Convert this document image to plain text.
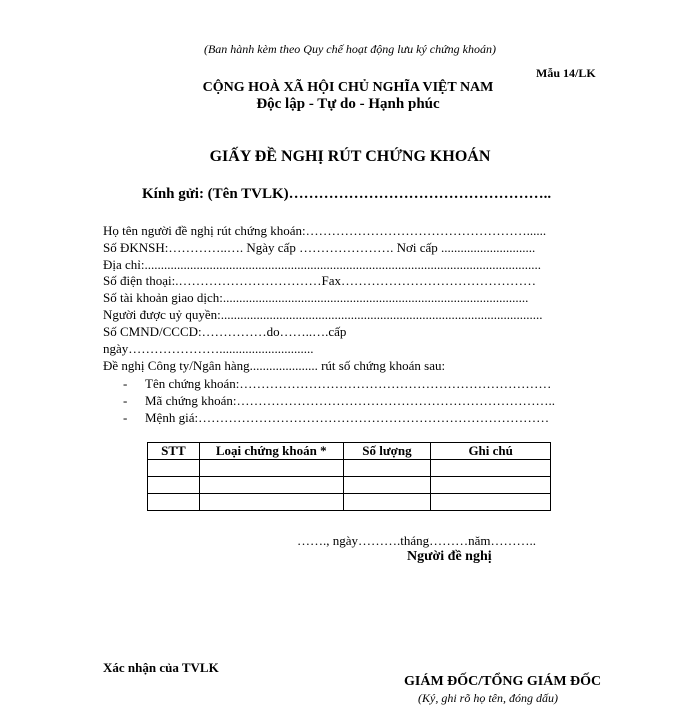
(Ban hành kèm theo Quy chế hoạt động lưu ký chứng khoán)
Mẫu 14/LK
CỘNG HOÀ XÃ HỘI CHỦ NGHĨA VIỆT NAM
Độc lập - Tự do - Hạnh phúc
GIẤY ĐỀ NGHỊ RÚT CHỨNG KHOÁN
Kính gửi: (Tên TVLK)……………………………………………..
Họ tên người đề nghị rút chứng khoán:……………………………………………......
Số ĐKNSH:…………..…. Ngày cấp …………………. Nơi cấp .............................
Địa chỉ:..........................................................................................................................
Số điện thoại:.……………………………Fax………………………………………
Số tài khoản giao dịch:..............................................................................................
Người được uỷ quyền:...................................................................................................
Số CMND/CCCD:……………do……..….cấp
ngày………………….............................
Đề nghị Công ty/Ngân hàng..................... rút số chứng khoán sau:
- Tên chứng khoán:………………………………………………………………
- Mã chứng khoán:………………………………………………………………..
- Mệnh giá:………………………………………………………………………
STT	Loại chứng khoán *	Số lượng	Ghi chú

……., ngày……….tháng………năm………..
Người đề nghị
Xác nhận của TVLK
GIÁM ĐỐC/TỔNG GIÁM ĐỐC
(Ký, ghi rõ họ tên, đóng dấu)
